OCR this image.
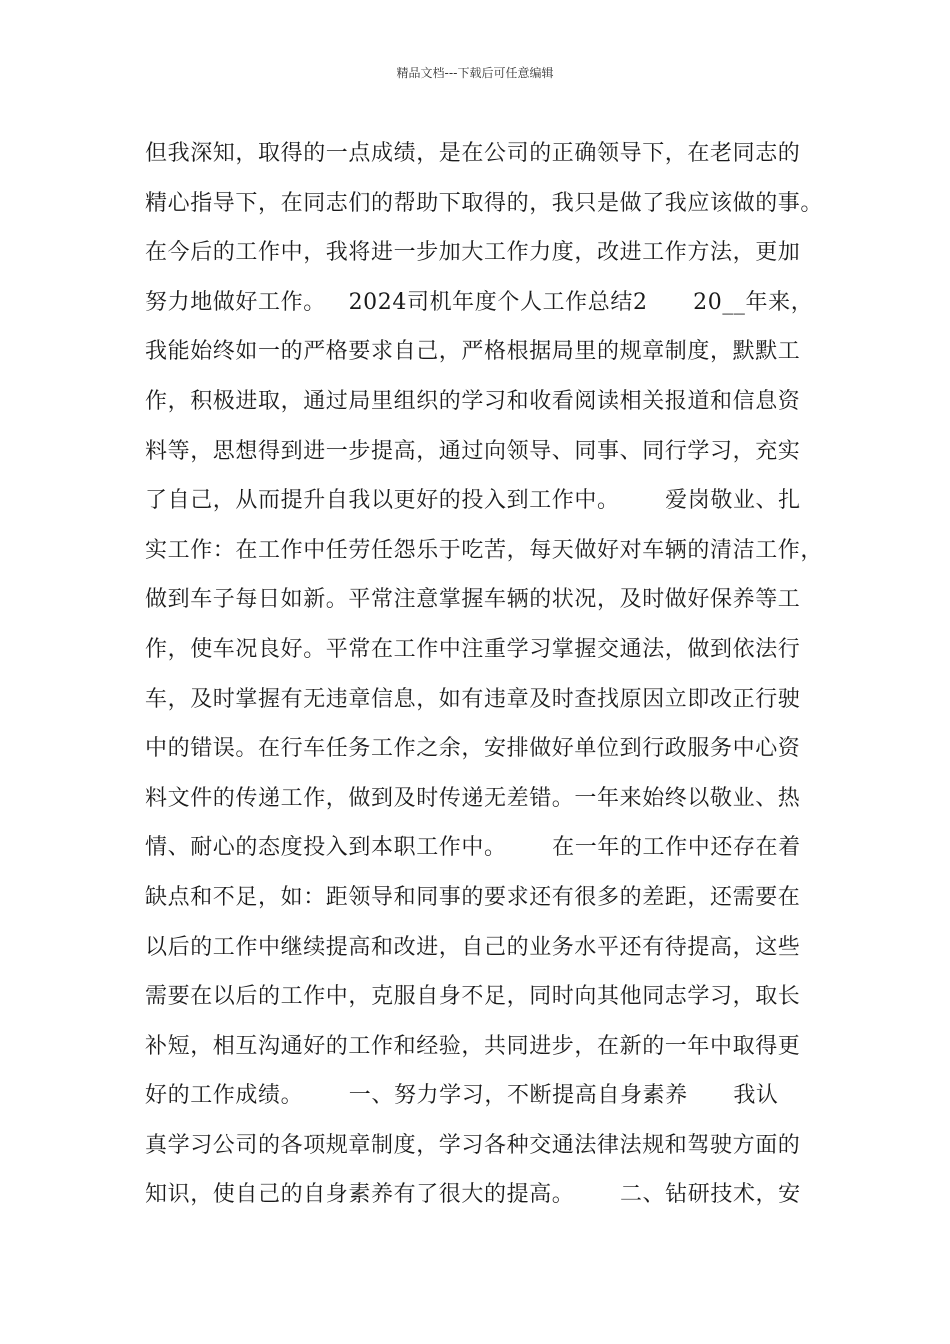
精品文档---下载后可任意编辑
但我深知，取得的一点成绩，是在公司的正确领导下，在老同志的
精心指导下，在同志们的帮助下取得的，我只是做了我应该做的事。
在今后的工作中，我将进一步加大工作力度，改进工作方法，更加
努力地做好工作。   2024司机年度个人工作总结2      20__年来，
我能始终如一的严格要求自己，严格根据局里的规章制度，默默工
作，积极进取，通过局里组织的学习和收看阅读相关报道和信息资
料等，思想得到进一步提高，通过向领导、同事、同行学习，充实
了自己，从而提升自我以更好的投入到工作中。      爱岗敬业、扎
实工作：在工作中任劳任怨乐于吃苦，每天做好对车辆的清洁工作，
做到车子每日如新。平常注意掌握车辆的状况，及时做好保养等工
作，使车况良好。平常在工作中注重学习掌握交通法，做到依法行
车，及时掌握有无违章信息，如有违章及时查找原因立即改正行驶
中的错误。在行车任务工作之余，安排做好单位到行政服务中心资
料文件的传递工作，做到及时传递无差错。一年来始终以敬业、热
情、耐心的态度投入到本职工作中。      在一年的工作中还存在着
缺点和不足，如：距领导和同事的要求还有很多的差距，还需要在
以后的工作中继续提高和改进，自己的业务水平还有待提高，这些
需要在以后的工作中，克服自身不足，同时向其他同志学习，取长
补短，相互沟通好的工作和经验，共同进步，在新的一年中取得更
好的工作成绩。      一、努力学习，不断提高自身素养      我认
真学习公司的各项规章制度，学习各种交通法律法规和驾驶方面的
知识，使自己的自身素养有了很大的提高。      二、钻研技术，安
